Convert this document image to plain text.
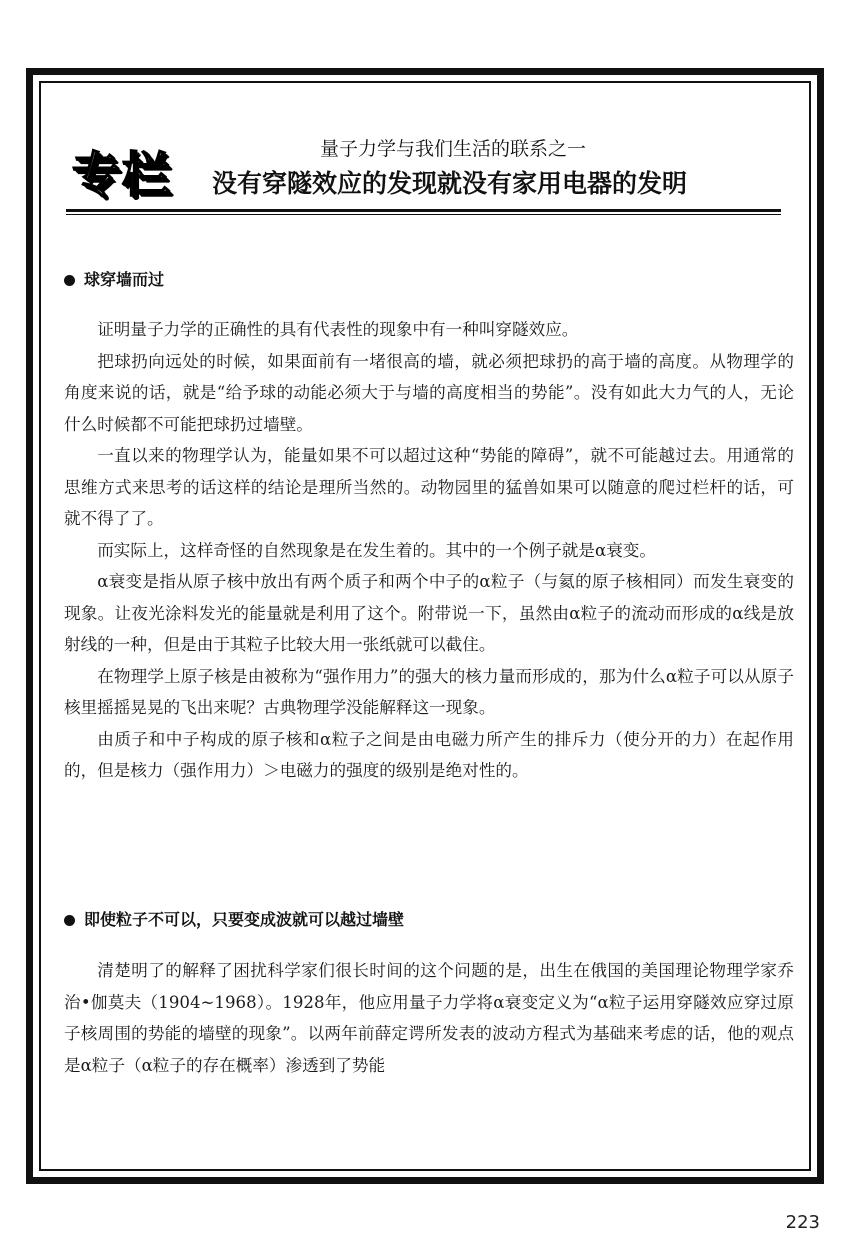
专栏	量子力学与我们生活的联系之一
没有穿隧效应的发现就没有家用电器的发明
球穿墙而过

证明量子力学的正确性的具有代表性的现象中有一种叫穿隧效应。

把球扔向远处的时候，如果面前有一堵很高的墙，就必须把球扔的高于墙的高度。从物理学的角度来说的话，就是“给予球的动能必须大于与墙的高度相当的势能”。没有如此大力气的人，无论什么时候都不可能把球扔过墙壁。

一直以来的物理学认为，能量如果不可以超过这种“势能的障碍”，就不可能越过去。用通常的思维方式来思考的话这样的结论是理所当然的。动物园里的猛兽如果可以随意的爬过栏杆的话，可就不得了了。

而实际上，这样奇怪的自然现象是在发生着的。其中的一个例子就是α衰变。

α衰变是指从原子核中放出有两个质子和两个中子的α粒子（与氦的原子核相同）而发生衰变的现象。让夜光涂料发光的能量就是利用了这个。附带说一下，虽然由α粒子的流动而形成的α线是放射线的一种，但是由于其粒子比较大用一张纸就可以截住。

在物理学上原子核是由被称为“强作用力”的强大的核力量而形成的，那为什么α粒子可以从原子核里摇摇晃晃的飞出来呢？古典物理学没能解释这一现象。

由质子和中子构成的原子核和α粒子之间是由电磁力所产生的排斥力（使分开的力）在起作用的，但是核力（强作用力）＞电磁力的强度的级别是绝对性的。

即使粒子不可以，只要变成波就可以越过墙壁

清楚明了的解释了困扰科学家们很长时间的这个问题的是，出生在俄国的美国理论物理学家乔治•伽莫夫（1904~1968）。1928年，他应用量子力学将α衰变定义为“α粒子运用穿隧效应穿过原子核周围的势能的墙壁的现象”。以两年前薛定谔所发表的波动方程式为基础来考虑的话，他的观点是α粒子（α粒子的存在概率）渗透到了势能

223
